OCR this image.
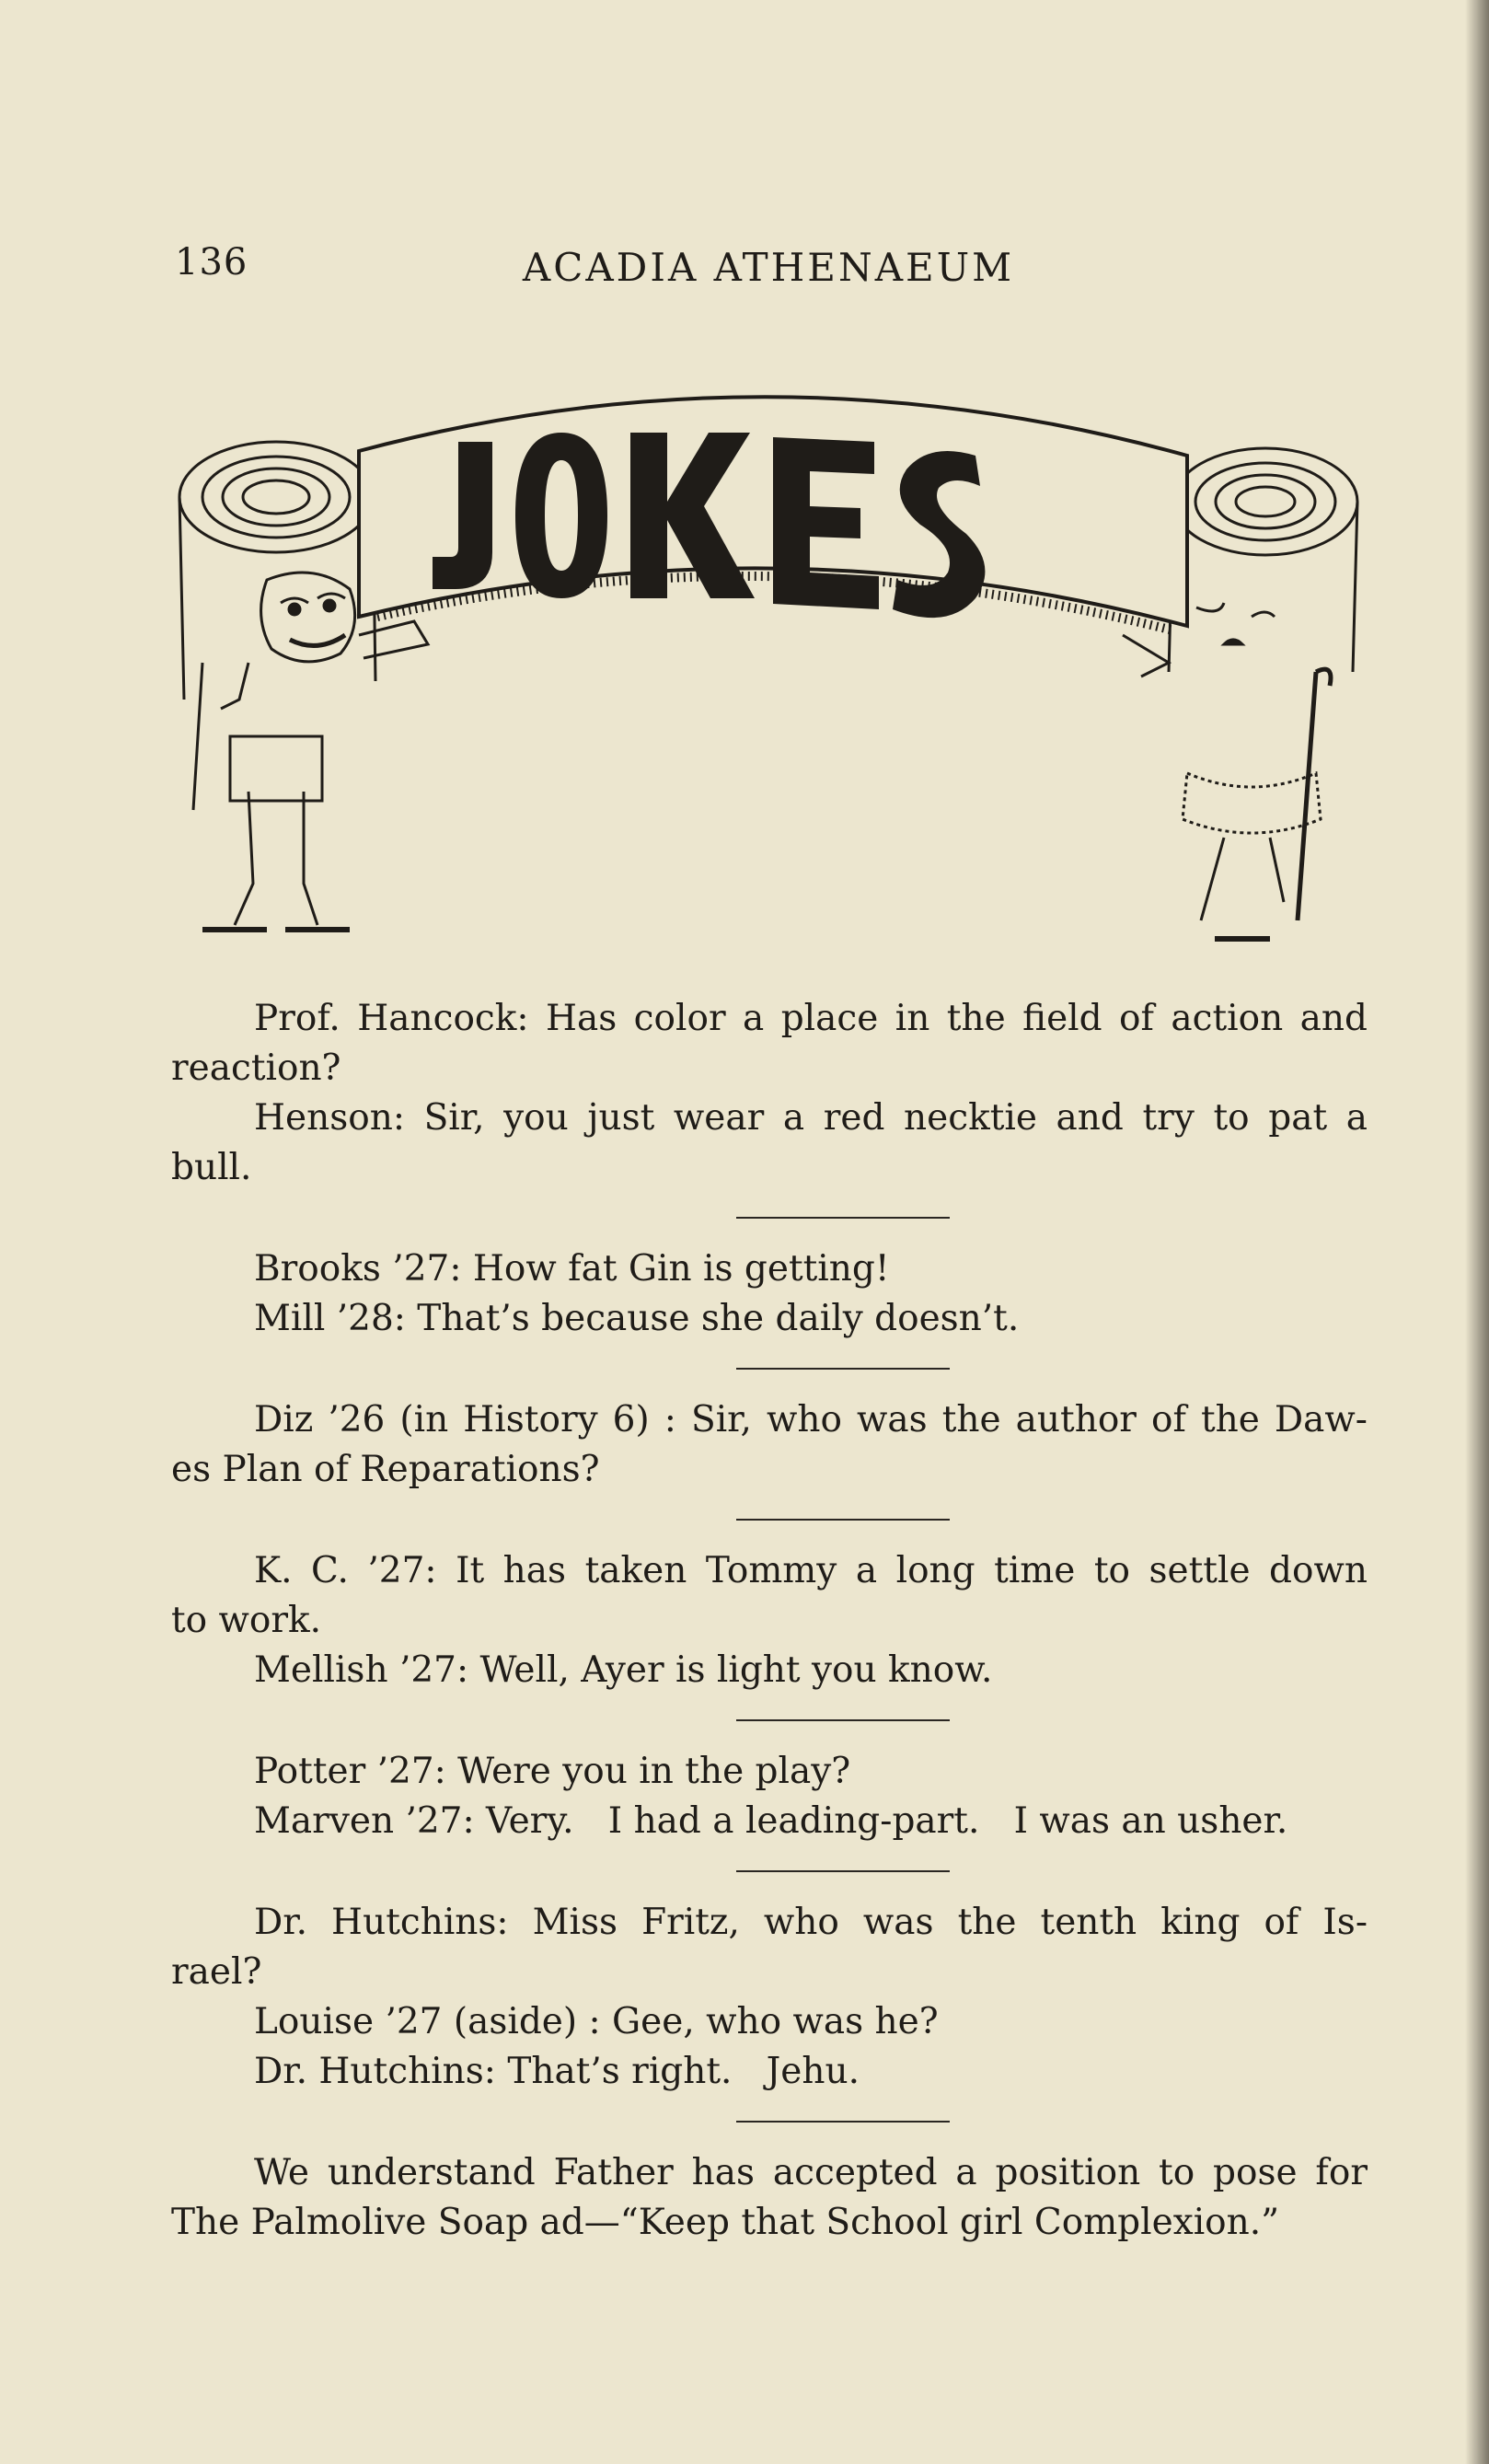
136	ACADIA ATHENAEUM
Prof. Hancock: Has color a place in the field of action and
reaction?
Henson: Sir, you just wear a red necktie and try to pat a
bull.
Brooks ’27: How fat Gin is getting!
Mill ’28: That’s because she daily doesn’t.
Diz ’26 (in History 6) : Sir, who was the author of the Daw-
es Plan of Reparations?
K. C. ’27: It has taken Tommy a long time to settle down
to work.
Mellish ’27: Well, Ayer is light you know.
Potter ’27: Were you in the play?
Marven ’27: Very.   I had a leading-part.   I was an usher.
Dr. Hutchins: Miss Fritz, who was the tenth king of Is-
rael?
Louise ’27 (aside) : Gee, who was he?
Dr. Hutchins: That’s right.   Jehu.
We understand Father has accepted a position to pose for
The Palmolive Soap ad—“Keep that School girl Complexion.”
